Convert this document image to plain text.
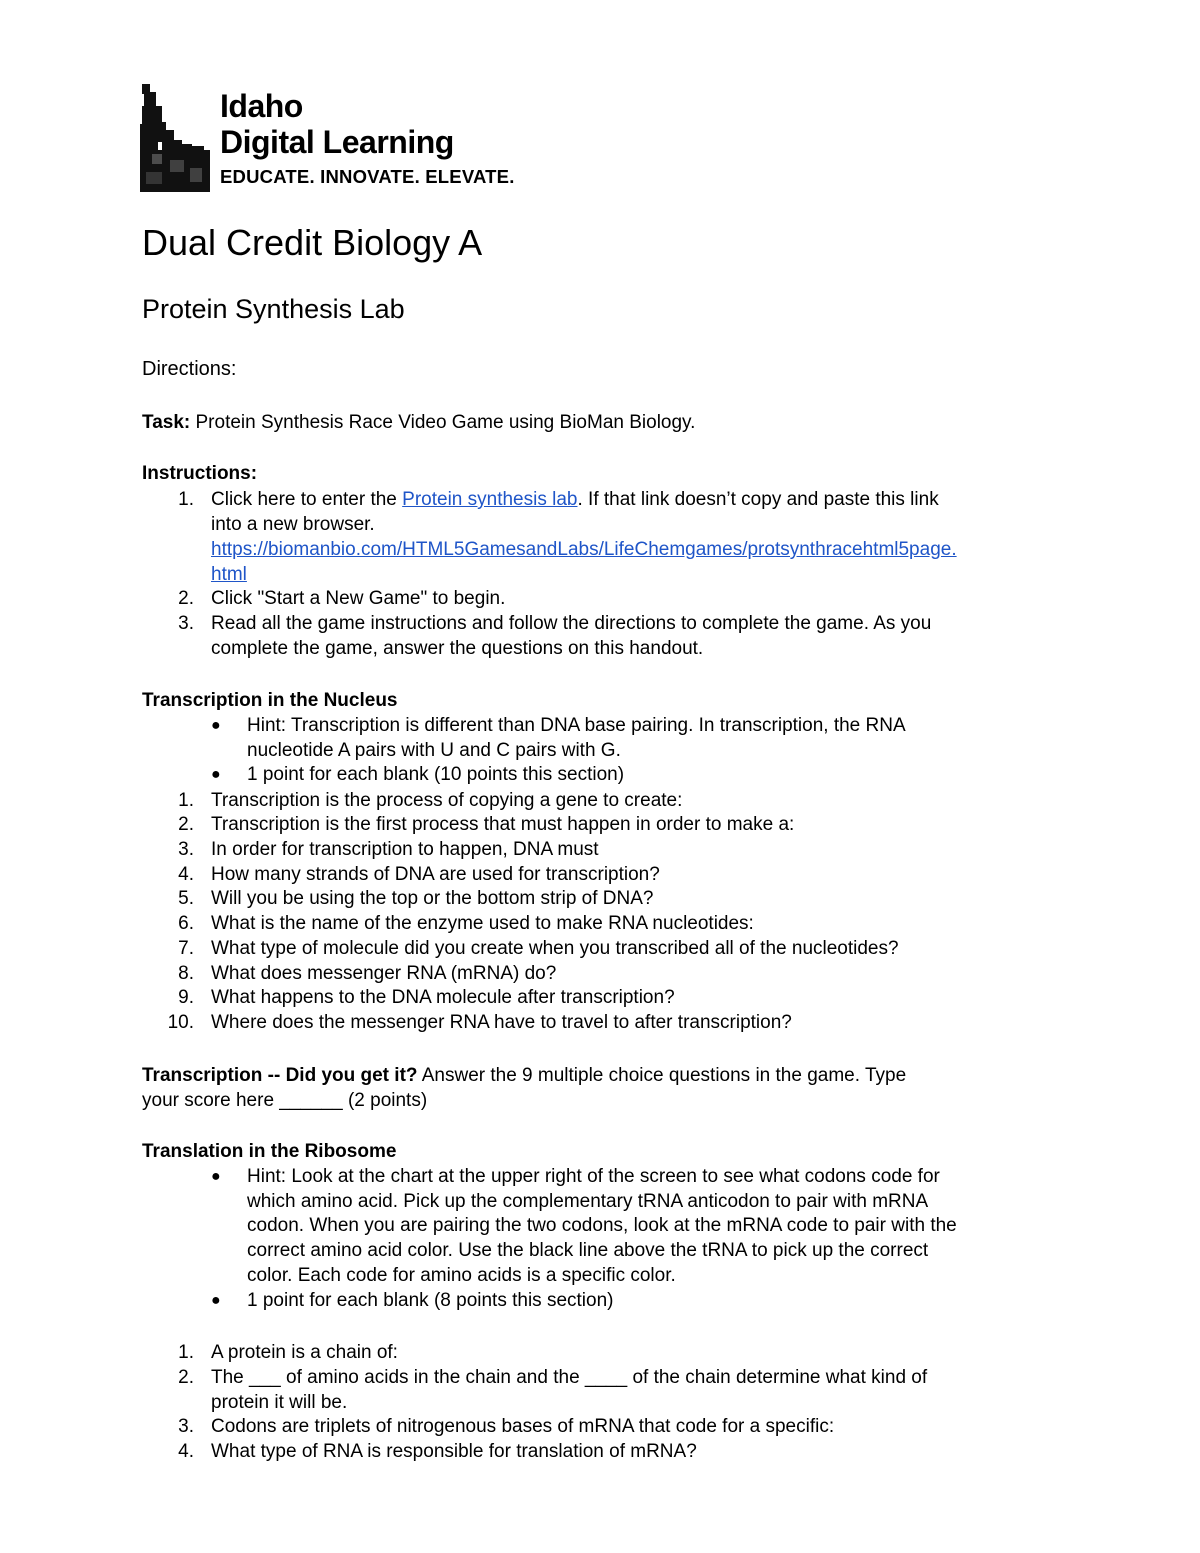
Idaho
Digital Learning
EDUCATE. INNOVATE. ELEVATE.
Dual Credit Biology A
Protein Synthesis Lab
Directions:
Task: Protein Synthesis Race Video Game using BioMan Biology.
Instructions:
1. Click here to enter the Protein synthesis lab. If that link doesn’t copy and paste this link
into a new browser.
https://biomanbio.com/HTML5GamesandLabs/LifeChemgames/protsynthracehtml5page.
html
2. Click "Start a New Game" to begin.
3. Read all the game instructions and follow the directions to complete the game. As you
complete the game, answer the questions on this handout.
Transcription in the Nucleus
● Hint: Transcription is different than DNA base pairing. In transcription, the RNA
nucleotide A pairs with U and C pairs with G.
● 1 point for each blank (10 points this section)
1. Transcription is the process of copying a gene to create:
2. Transcription is the first process that must happen in order to make a:
3. In order for transcription to happen, DNA must
4. How many strands of DNA are used for transcription?
5. Will you be using the top or the bottom strip of DNA?
6. What is the name of the enzyme used to make RNA nucleotides:
7. What type of molecule did you create when you transcribed all of the nucleotides?
8. What does messenger RNA (mRNA) do?
9. What happens to the DNA molecule after transcription?
10. Where does the messenger RNA have to travel to after transcription?
Transcription -- Did you get it? Answer the 9 multiple choice questions in the game. Type
your score here ______ (2 points)
Translation in the Ribosome
● Hint: Look at the chart at the upper right of the screen to see what codons code for
which amino acid. Pick up the complementary tRNA anticodon to pair with mRNA
codon. When you are pairing the two codons, look at the mRNA code to pair with the
correct amino acid color. Use the black line above the tRNA to pick up the correct
color. Each code for amino acids is a specific color.
● 1 point for each blank (8 points this section)
1. A protein is a chain of:
2. The ___ of amino acids in the chain and the ____ of the chain determine what kind of
protein it will be.
3. Codons are triplets of nitrogenous bases of mRNA that code for a specific:
4. What type of RNA is responsible for translation of mRNA?
